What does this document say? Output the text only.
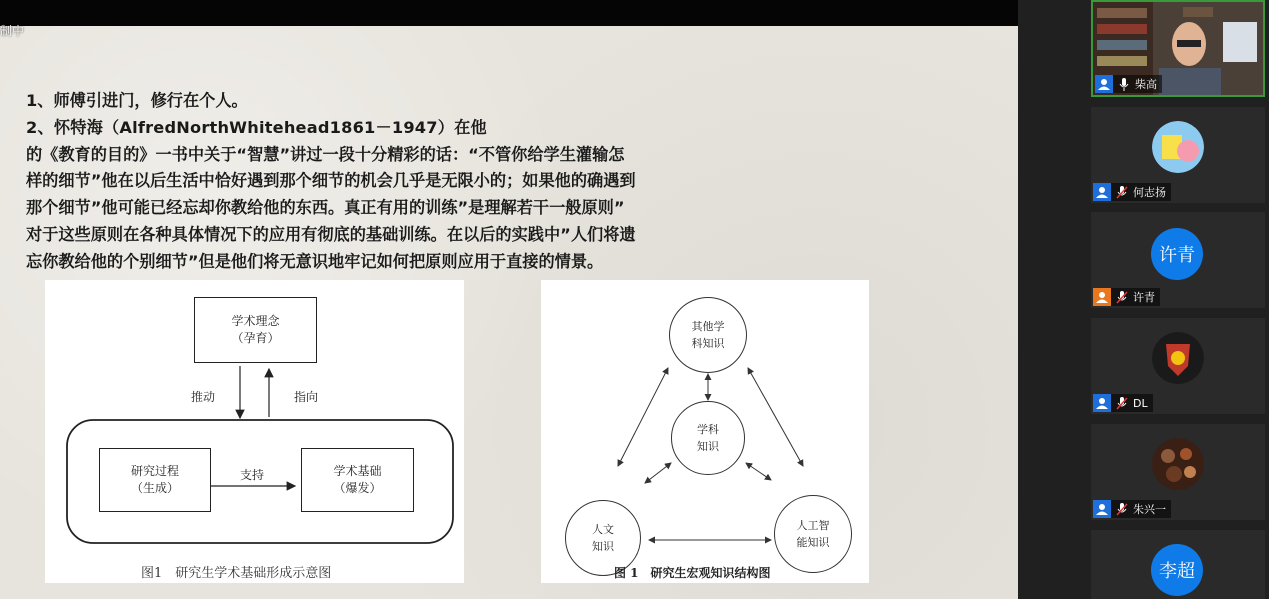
1、师傅引进门，修行在个人。

2、怀特海（AlfredNorthWhitehead1861－1947）在他

的《教育的目的》一书中关于“智慧”讲过一段十分精彩的话：“不管你给学生灌输怎

样的细节”他在以后生活中恰好遇到那个细节的机会几乎是无限小的；如果他的确遇到

那个细节”他可能已经忘却你教给他的东西。真正有用的训练”是理解若干一般原则”

对于这些原则在各种具体情况下的应用有彻底的基础训练。在以后的实践中”人们将遗

忘你教给他的个别细节”但是他们将无意识地牢记如何把原则应用于直接的情景。

学术理念
（孕育）
推动	指向
研究过程
（生成）
支持	学术基础
（爆发）
图1　研究生学术基础形成示意图
其他学
科知识
学科
知识
人文
知识
人工智
能知识
图 1　研究生宏观知识结构图
制中
柴高
何志扬
许青
许青
DL
朱兴一
李超
